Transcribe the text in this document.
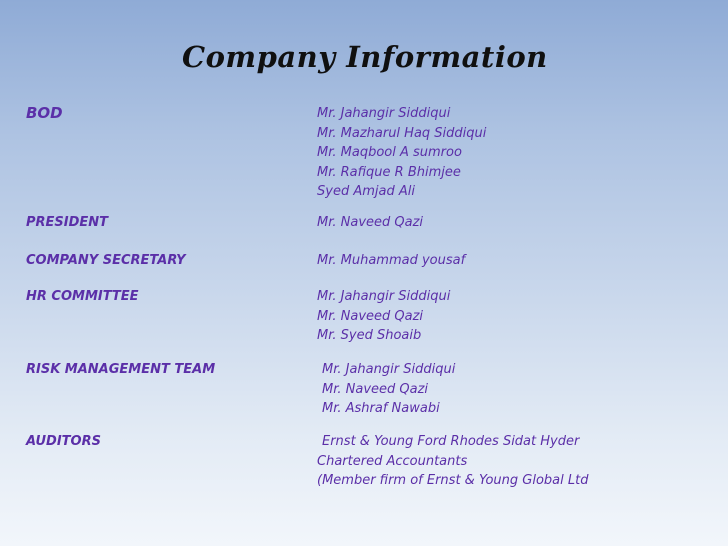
Company Information
BOD	Mr. Jahangir Siddiqui
Mr. Mazharul Haq Siddiqui
Mr. Maqbool A sumroo
Mr. Rafique R Bhimjee
Syed Amjad Ali
PRESIDENT	Mr. Naveed Qazi
COMPANY SECRETARY	Mr. Muhammad yousaf
HR COMMITTEE	Mr. Jahangir Siddiqui
Mr. Naveed Qazi
Mr. Syed Shoaib
RISK MANAGEMENT TEAM	Mr. Jahangir Siddiqui
Mr. Naveed Qazi
Mr. Ashraf Nawabi
AUDITORS	Ernst & Young Ford Rhodes Sidat Hyder
Chartered Accountants
(Member firm of Ernst & Young Global Ltd
